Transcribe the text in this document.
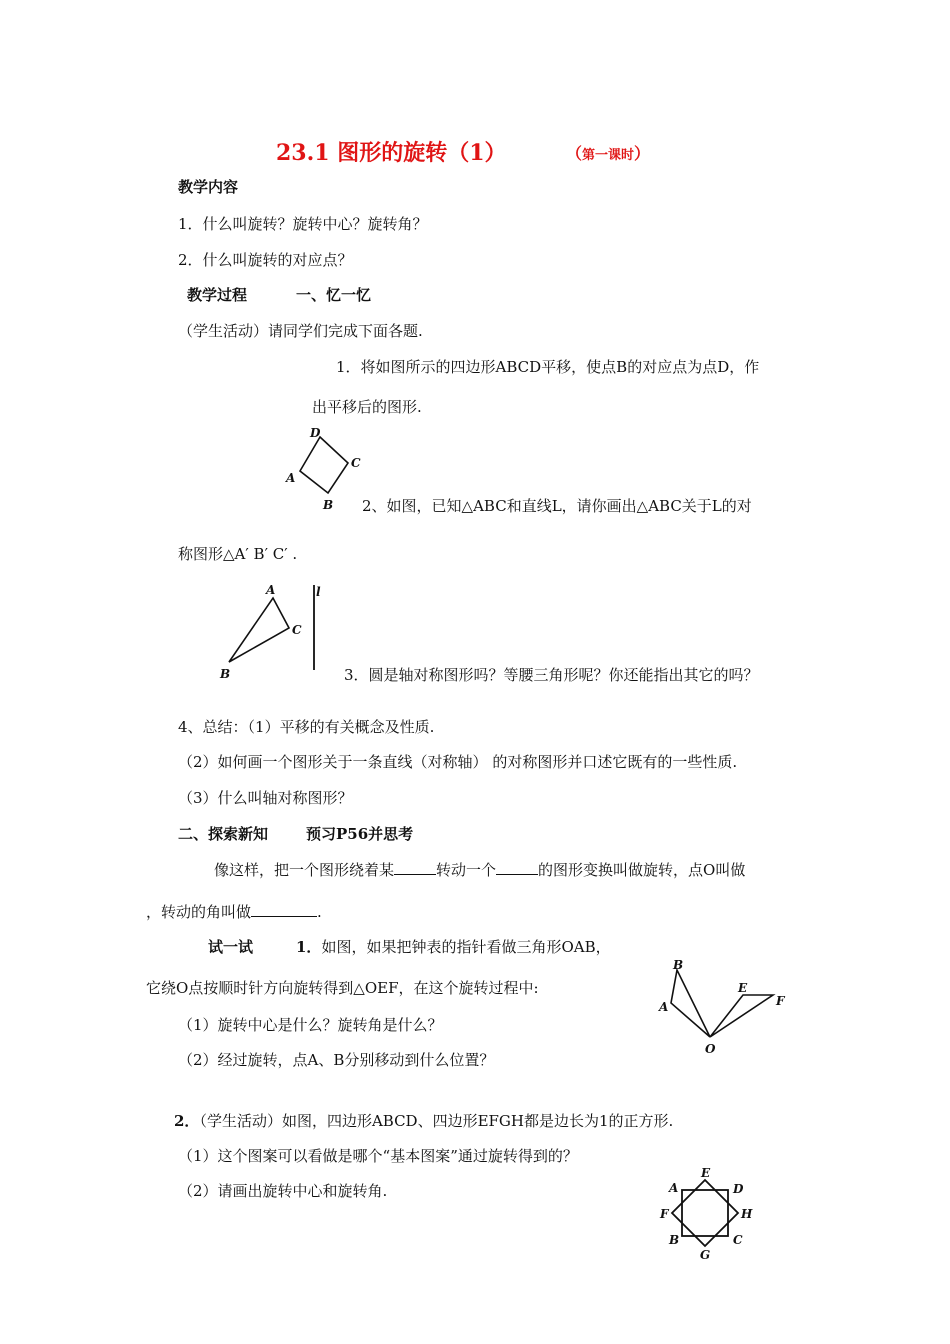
23.1 图形的旋转（1）	（第一课时）
教学内容
1．什么叫旋转？旋转中心？旋转角？
2．什么叫旋转的对应点？
教学过程	一、忆一忆
（学生活动）请同学们完成下面各题.
1．将如图所示的四边形ABCD平移，使点B的对应点为点D，作
出平移后的图形.
D
C
A
B 2、如图，已知△ABC和直线L，请你画出△ABC关于L的对
称图形△A′ B′ C′ .
A
C
B
l
3．圆是轴对称图形吗？等腰三角形呢？你还能指出其它的吗？
4、总结：（1）平移的有关概念及性质.
（2）如何画一个图形关于一条直线（对称轴） 的对称图形并口述它既有的一些性质.
（3）什么叫轴对称图形？
二、探索新知	预习P56并思考
像这样，把一个图形绕着某	转动一个	的图形变换叫做旋转，点O叫做
，转动的角叫做	.
试一试	1．如图，如果把钟表的指针看做三角形OAB，
它绕O点按顺时针方向旋转得到△OEF，在这个旋转过程中:
（1）旋转中心是什么？旋转角是什么？
（2）经过旋转，点A、B分别移动到什么位置？
B
A
E
F
O
2．（学生活动）如图，四边形ABCD、四边形EFGH都是边长为1的正方形.
（1）这个图案可以看做是哪个“基本图案”通过旋转得到的？
（2）请画出旋转中心和旋转角.
E
A	D
F	H
B
G
C
